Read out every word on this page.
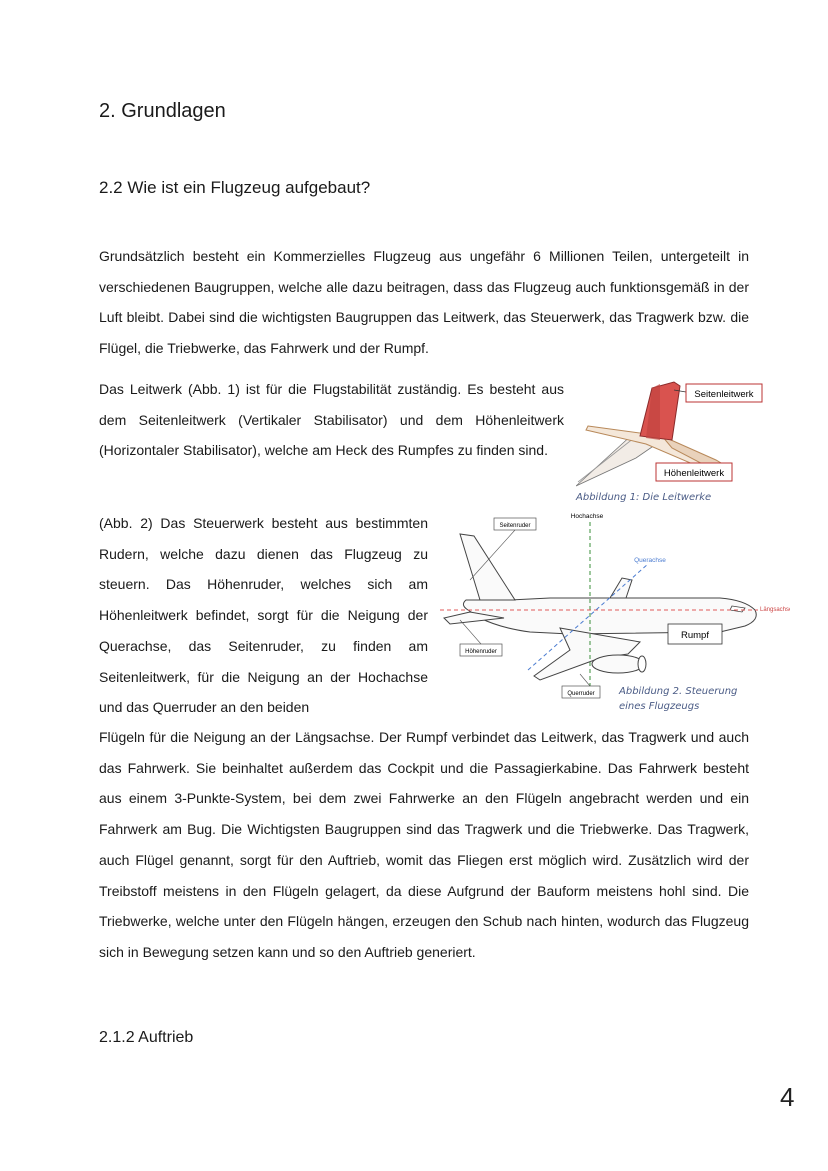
2. Grundlagen
2.2 Wie ist ein Flugzeug aufgebaut?

Grundsätzlich besteht ein Kommerzielles Flugzeug aus ungefähr 6 Millionen Teilen, untergeteilt in verschiedenen Baugruppen, welche alle dazu beitragen, dass das Flugzeug auch funktionsgemäß in der Luft bleibt. Dabei sind die wichtigsten Baugruppen das Leitwerk, das Steuerwerk, das Tragwerk bzw. die Flügel, die Triebwerke, das Fahrwerk und der Rumpf.

Das Leitwerk (Abb. 1) ist für die Flugstabilität zuständig. Es besteht aus dem Seitenleitwerk (Vertikaler Stabilisator) und dem Höhenleitwerk (Horizontaler Stabilisator), welche am Heck des Rumpfes zu finden sind.

(Abb. 2) Das Steuerwerk besteht aus bestimmten Rudern, welche dazu dienen das Flugzeug zu steuern. Das Höhenruder, welches sich am Höhenleitwerk befindet, sorgt für die Neigung der Querachse, das Seitenruder, zu finden am Seitenleitwerk, für die Neigung an der Hochachse und das Querruder an den beiden

Flügeln für die Neigung an der Längsachse. Der Rumpf verbindet das Leitwerk, das Tragwerk und auch das Fahrwerk. Sie beinhaltet außerdem das Cockpit und die Passagierkabine. Das Fahrwerk besteht aus einem 3-Punkte-System, bei dem zwei Fahrwerke an den Flügeln angebracht werden und ein Fahrwerk am Bug. Die Wichtigsten Baugruppen sind das Tragwerk und die Triebwerke. Das Tragwerk, auch Flügel genannt, sorgt für den Auftrieb, womit das Fliegen erst möglich wird. Zusätzlich wird der Treibstoff meistens in den Flügeln gelagert, da diese Aufgrund der Bauform meistens hohl sind. Die Triebwerke, welche unter den Flügeln hängen, erzeugen den Schub nach hinten, wodurch das Flugzeug sich in Bewegung setzen kann und so den Auftrieb generiert.

Seitenleitwerk
Höhenleitwerk
Abbildung 1: Die Leitwerke
Hochachse
Längsachse
Querachse
Seitenruder
Höhenruder
Rumpf
Querruder Abbildung 2. Steuerung
eines Flugzeugs
2.1.2 Auftrieb
4
